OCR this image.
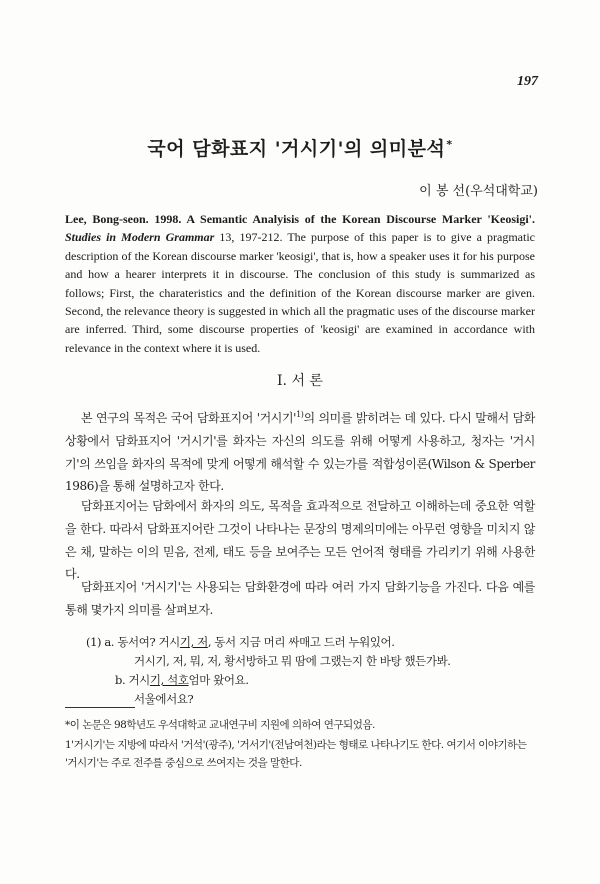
197
국어 담화표지 '거시기'의 의미분석*
이 봉 선(우석대학교)

Lee, Bong-seon. 1998. A Semantic Analyisis of the Korean Discourse Marker 'Keosigi'. Studies in Modern Grammar 13, 197-212. The purpose of this paper is to give a pragmatic description of the Korean discourse marker 'keosigi', that is, how a speaker uses it for his purpose and how a hearer interprets it in discourse. The conclusion of this study is summarized as follows; First, the charateristics and the definition of the Korean discourse marker are given. Second, the relevance theory is suggested in which all the pragmatic uses of the discourse marker are inferred. Third, some discourse properties of 'keosigi' are examined in accordance with relevance in the context where it is used.

I. 서 론

본 연구의 목적은 국어 담화표지어 '거시기'$^{1)}$의 의미를 밝히려는 데 있다. 다시 말해서 담화상황에서 담화표지어 '거시기'를 화자는 자신의 의도를 위해 어떻게 사용하고, 청자는 '거시기'의 쓰임을 화자의 목적에 맞게 어떻게 해석할 수 있는가를 적합성이론(Wilson & Sperber 1986)을 통해 설명하고자 한다.

담화표지어는 담화에서 화자의 의도, 목적을 효과적으로 전달하고 이해하는데 중요한 역할을 한다. 따라서 담화표지어란 그것이 나타나는 문장의 명제의미에는 아무런 영향을 미치지 않은 채, 말하는 이의 믿음, 전제, 태도 등을 보여주는 모든 언어적 형태를 가리키기 위해 사용한다.

담화표지어 '거시기'는 사용되는 담화환경에 따라 여러 가지 담화기능을 가진다. 다음 예를 통해 몇가지 의미를 살펴보자.

(1) a. 동서여? 거시기, 저, 동서 지금 머리 싸매고 드러 누워있어.
거시기, 저, 뭐, 저, 황서방하고 뭐 땀에 그랬는지 한 바탕 했든가봐.
b. 거시기, 석호엄마 왔어요.
서울에서요?

*이 논문은 98학년도 우석대학교 교내연구비 지원에 의하여 연구되었음.

1'거시기'는 지방에 따라서 '거석'(광주), '거서기'(전남여천)라는 형태로 나타나기도 한다. 여기서 이야기하는 '거시기'는 주로 전주를 중심으로 쓰여지는 것을 말한다.
